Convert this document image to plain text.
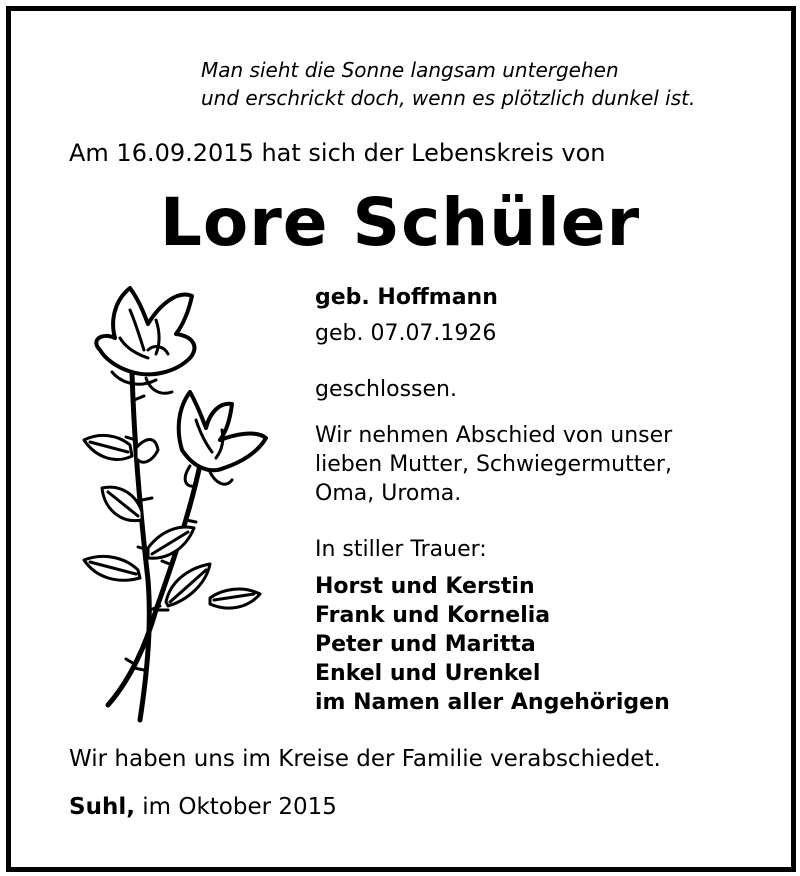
Man sieht die Sonne langsam untergehen
und erschrickt doch, wenn es plötzlich dunkel ist.
Am 16.09.2015 hat sich der Lebenskreis von
Lore Schüler
geb. Hoffmann
geb. 07.07.1926
geschlossen.
Wir nehmen Abschied von unser
lieben Mutter, Schwiegermutter,
Oma, Uroma.
In stiller Trauer:
Horst und Kerstin
Frank und Kornelia
Peter und Maritta
Enkel und Urenkel
im Namen aller Angehörigen
Wir haben uns im Kreise der Familie verabschiedet.
Suhl, im Oktober 2015
